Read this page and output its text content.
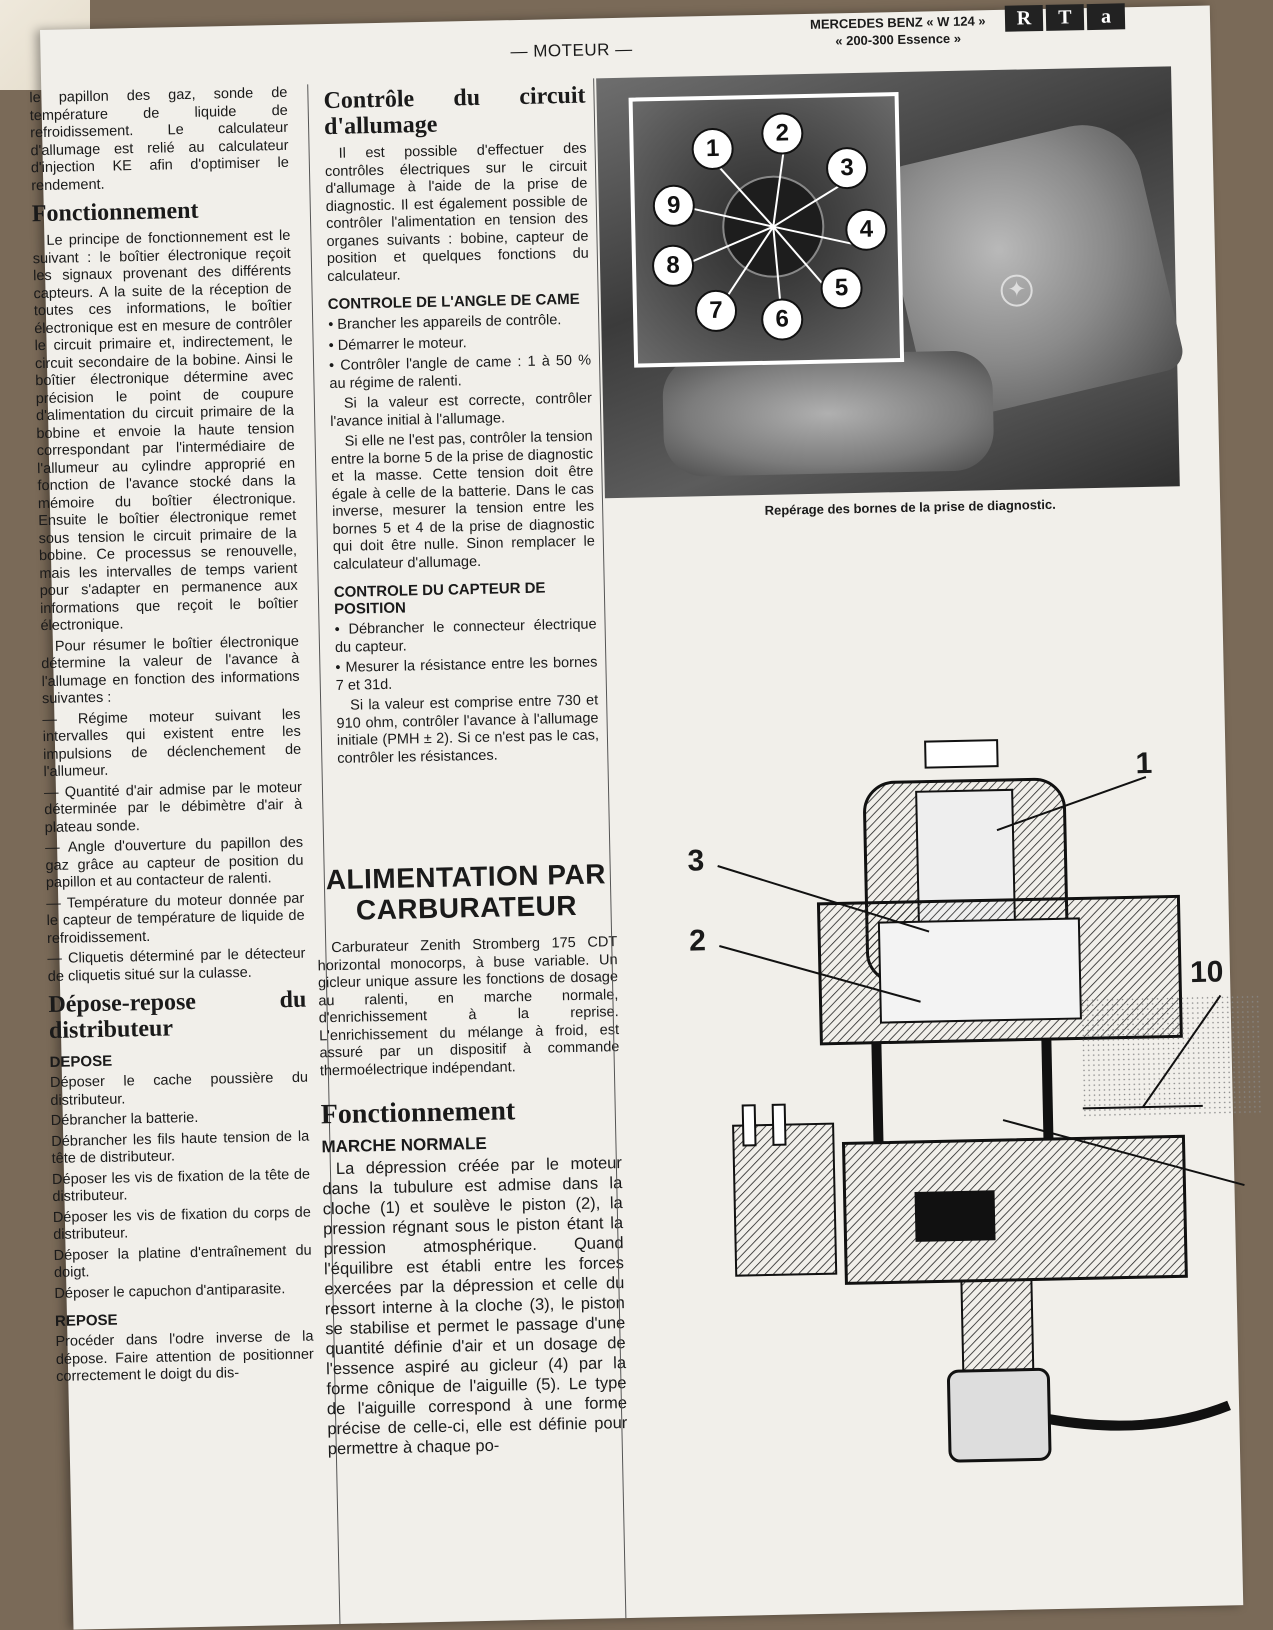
— MOTEUR —
MERCEDES BENZ « W 124 »
« 200-300 Essence »
R	T	a

le papillon des gaz, sonde de température de liquide de refroidissement. Le calculateur d'allumage est relié au calculateur d'injection KE afin d'optimiser le rendement.

Fonctionnement

Le principe de fonctionnement est le suivant : le boîtier électronique reçoit les signaux provenant des différents capteurs. A la suite de la réception de toutes ces informations, le boîtier électronique est en mesure de contrôler le circuit primaire et, indirectement, le circuit secondaire de la bobine. Ainsi le boîtier électronique détermine avec précision le point de coupure d'alimentation du circuit primaire de la bobine et envoie la haute tension correspondant par l'intermédiaire de l'allumeur au cylindre approprié en fonction de l'avance stocké dans la mémoire du boîtier électronique. Ensuite le boîtier électronique remet sous tension le circuit primaire de la bobine. Ce processus se renouvelle, mais les intervalles de temps varient pour s'adapter en permanence aux informations que reçoit le boîtier électronique.

Pour résumer le boîtier électronique détermine la valeur de l'avance à l'allumage en fonction des informations suivantes :

— Régime moteur suivant les intervalles qui existent entre les impulsions de déclenchement de l'allumeur.

— Quantité d'air admise par le moteur déterminée par le débimètre d'air à plateau sonde.

— Angle d'ouverture du papillon des gaz grâce au capteur de position du papillon et au contacteur de ralenti.

— Température du moteur donnée par le capteur de température de liquide de refroidissement.

— Cliquetis déterminé par le détecteur de cliquetis situé sur la culasse.

Dépose-repose du distributeur
DEPOSE

Déposer le cache poussière du distributeur.

Débrancher la batterie.

Débrancher les fils haute tension de la tête de distributeur.

Déposer les vis de fixation de la tête de distributeur.

Déposer les vis de fixation du corps de distributeur.

Déposer la platine d'entraînement du doigt.

Déposer le capuchon d'antiparasite.

REPOSE

Procéder dans l'odre inverse de la dépose. Faire attention de positionner correctement le doigt du dis-

Contrôle du circuit d'allumage

Il est possible d'effectuer des contrôles électriques sur le circuit d'allumage à l'aide de la prise de diagnostic. Il est également possible de contrôler l'alimentation en tension des organes suivants : bobine, capteur de position et quelques fonctions du calculateur.

CONTROLE DE L'ANGLE DE CAME

• Brancher les appareils de contrôle.

• Démarrer le moteur.

• Contrôler l'angle de came : 1 à 50 % au régime de ralenti.

Si la valeur est correcte, contrôler l'avance initial à l'allumage.

Si elle ne l'est pas, contrôler la tension entre la borne 5 de la prise de diagnostic et la masse. Cette tension doit être égale à celle de la batterie. Dans le cas inverse, mesurer la tension entre les bornes 5 et 4 de la prise de diagnostic qui doit être nulle. Sinon remplacer le calculateur d'allumage.

CONTROLE DU CAPTEUR DE POSITION

• Débrancher le connecteur électrique du capteur.

• Mesurer la résistance entre les bornes 7 et 31d.

Si la valeur est comprise entre 730 et 910 ohm, contrôler l'avance à l'allumage initiale (PMH ± 2). Si ce n'est pas le cas, contrôler les résistances.

ALIMENTATION PAR CARBURATEUR

Carburateur Zenith Stromberg 175 CDT horizontal monocorps, à buse variable. Un gicleur unique assure les fonctions de dosage au ralenti, en marche normale, d'enrichissement à la reprise. L'enrichissement du mélange à froid, est assuré par un dispositif à commande thermoélectrique indépendant.

Fonctionnement
MARCHE NORMALE

La dépression créée par le moteur dans la tubulure est admise dans la cloche (1) et soulève le piston (2), la pression régnant sous le piston étant la pression atmosphérique. Quand l'équilibre est établi entre les forces exercées par la dépression et celle du ressort interne à la cloche (3), le piston se stabilise et permet le passage d'une quantité définie d'air et un dosage de l'essence aspiré au gicleur (4) par la forme cônique de l'aiguille (5). Le type de l'aiguille correspond à une forme précise de celle-ci, elle est définie pour permettre à chaque po-

✦
1
2
3
4
5
6
7
8
9
Repérage des bornes de la prise de diagnostic.
1
3
2
10
